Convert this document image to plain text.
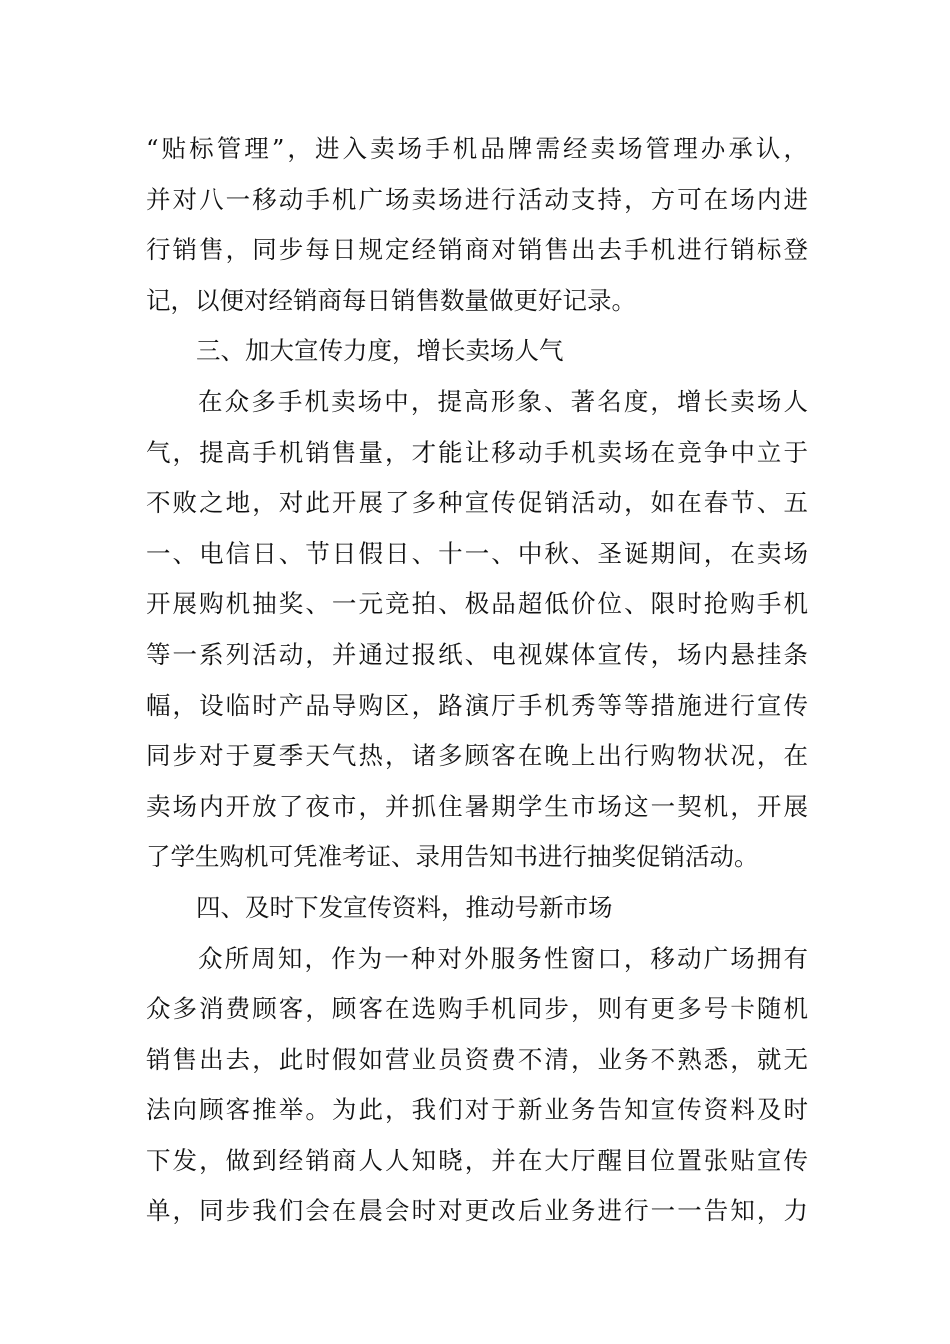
“贴标管理”，进入卖场手机品牌需经卖场管理办承认，
并对八一移动手机广场卖场进行活动支持，方可在场内进
行销售，同步每日规定经销商对销售出去手机进行销标登
记，以便对经销商每日销售数量做更好记录。
三、加大宣传力度，增长卖场人气
在众多手机卖场中，提高形象、著名度，增长卖场人
气，提高手机销售量，才能让移动手机卖场在竞争中立于
不败之地，对此开展了多种宣传促销活动，如在春节、五
一、电信日、节日假日、十一、中秋、圣诞期间，在卖场
开展购机抽奖、一元竞拍、极品超低价位、限时抢购手机
等一系列活动，并通过报纸、电视媒体宣传，场内悬挂条
幅，设临时产品导购区，路演厅手机秀等等措施进行宣传
同步对于夏季天气热，诸多顾客在晚上出行购物状况，在
卖场内开放了夜市，并抓住暑期学生市场这一契机，开展
了学生购机可凭准考证、录用告知书进行抽奖促销活动。
四、及时下发宣传资料，推动号新市场
众所周知，作为一种对外服务性窗口，移动广场拥有
众多消费顾客，顾客在选购手机同步，则有更多号卡随机
销售出去，此时假如营业员资费不清，业务不熟悉，就无
法向顾客推举。为此，我们对于新业务告知宣传资料及时
下发，做到经销商人人知晓，并在大厅醒目位置张贴宣传
单，同步我们会在晨会时对更改后业务进行一一告知，力
